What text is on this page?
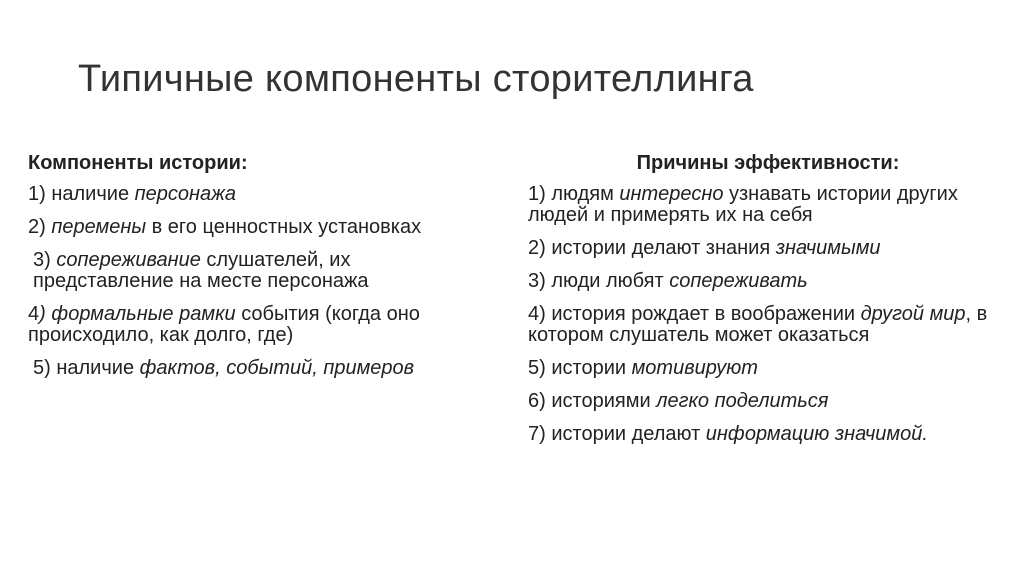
Типичные компоненты сторителлинга
Компоненты истории:
1) наличие персонажа
2) перемены в его ценностных установках
3) сопереживание слушателей, их представление на месте персонажа
4) формальные рамки события (когда оно происходило, как долго, где)
5) наличие фактов, событий, примеров
Причины эффективности:
1) людям интересно узнавать истории других людей и примерять их на себя
2) истории делают знания значимыми
3) люди любят сопереживать
4) история рождает в воображении другой мир, в котором слушатель может оказаться
5) истории мотивируют
6) историями легко поделиться
7) истории делают информацию значимой.
